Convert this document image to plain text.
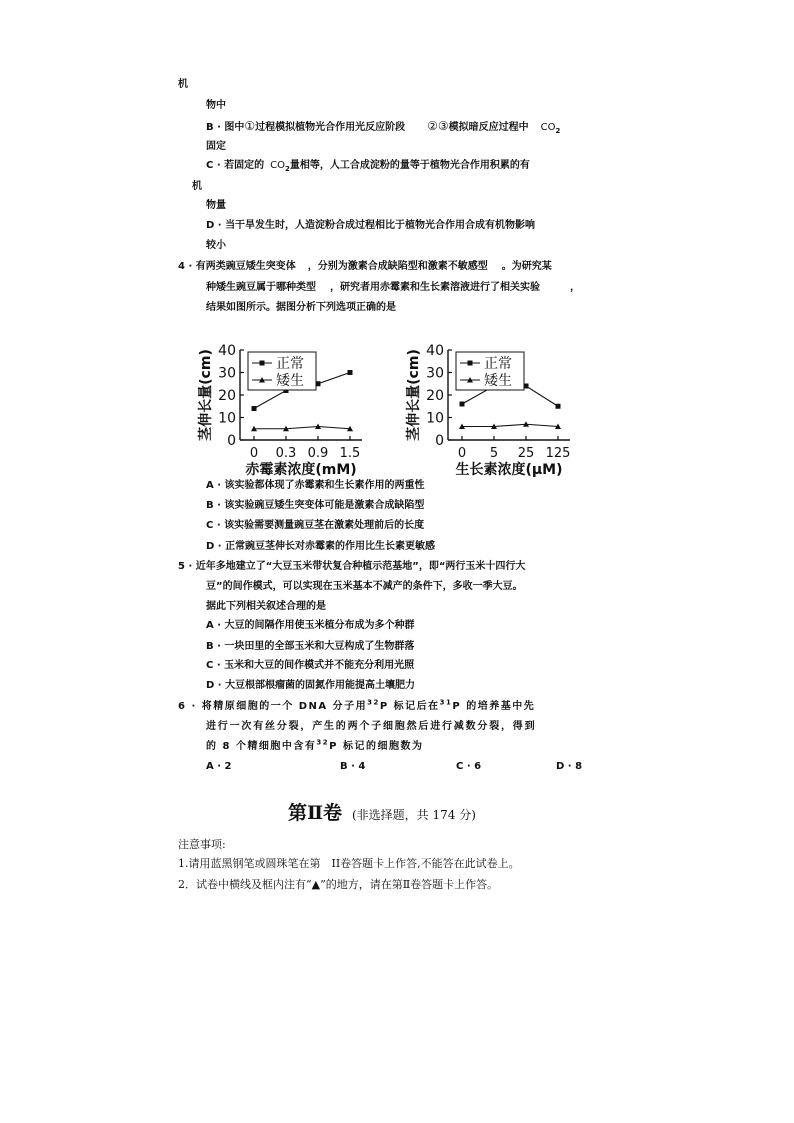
机
物中
B · 图中①过程模拟植物光合作用光反应阶段 ②③模拟暗反应过程中 $CO_2$
固定
C · 若固定的 $CO_2$量相等，人工合成淀粉的量等于植物光合作用积累的有
机
物量
D · 当干旱发生时，人造淀粉合成过程相比于植物光合作用合成有机物影响
较小
4 · 有两类豌豆矮生突变体 ，分别为激素合成缺陷型和激素不敏感型 。为研究某
种矮生豌豆属于哪种类型 ，研究者用赤霉素和生长素溶液进行了相关实验	，
结果如图所示。据图分析下列选项正确的是
0
10
20
30
40
0 0.3 0.9 1.5
茎伸长量(cm)
赤霉素浓度(mM)
正常
矮生
0
10
20
30
40
0 5 25 125
茎伸长量(cm)
生长素浓度(μM)
正常
矮生
A · 该实验都体现了赤霉素和生长素作用的两重性
B · 该实验豌豆矮生突变体可能是激素合成缺陷型
C · 该实验需要测量豌豆茎在激素处理前后的长度
D · 正常豌豆茎伸长对赤霉素的作用比生长素更敏感
5 · 近年多地建立了“大豆玉米带状复合种植示范基地”，即“两行玉米十四行大
豆”的间作模式，可以实现在玉米基本不减产的条件下，多收一季大豆。
据此下列相关叙述合理的是
A · 大豆的间隔作用使玉米植分布成为多个种群
B · 一块田里的全部玉米和大豆构成了生物群落
C · 玉米和大豆的间作模式并不能充分利用光照
D · 大豆根部根瘤菌的固氮作用能提高土壤肥力
6 · 将精原细胞的一个 DNA 分子用$^{32}$P 标记后在$^{31}$P 的培养基中先
进行一次有丝分裂，产生的两个子细胞然后进行减数分裂，得到
的 8 个精细胞中含有$^{32}$P 标记的细胞数为
A · 2	B · 4	C · 6	D · 8
第Ⅱ卷 (非选择题，共 174 分)
注意事项:
1.请用蓝黑钢笔或圆珠笔在第　II卷答题卡上作答,不能答在此试卷上。
2．试卷中横线及框内注有“▲”的地方，请在第Ⅱ卷答题卡上作答。
